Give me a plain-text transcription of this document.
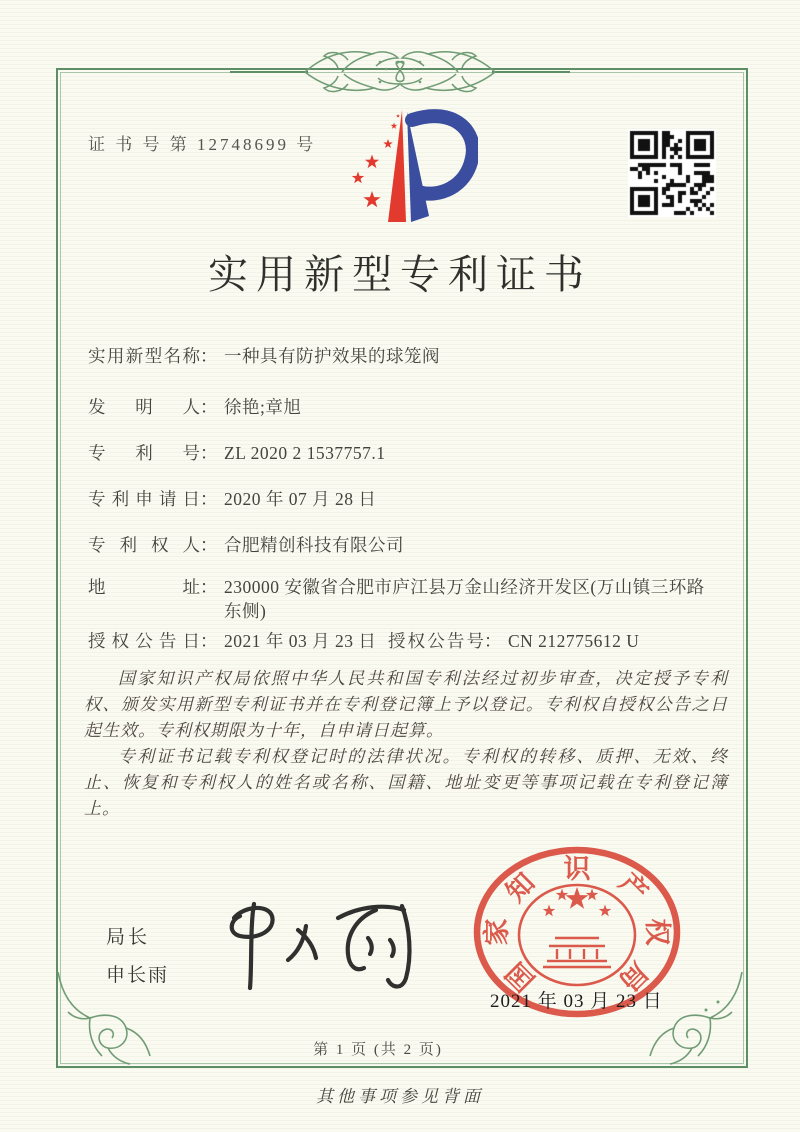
证 书 号 第 12748699 号
实用新型专利证书
实用新型名称 ： 一种具有防护效果的球笼阀
发明人 ： 徐艳;章旭
专利号 ： ZL 2020 2 1537757.1
专利申请日 ： 2020 年 07 月 28 日
专利权人 ： 合肥精创科技有限公司
地址 ： 230000 安徽省合肥市庐江县万金山经济开发区(万山镇三环路东侧)
授权公告日 ： 2021 年 03 月 23 日 授权公告号 ： CN 212775612 U

国家知识产权局依照中华人民共和国专利法经过初步审查，决定授予专利权、颁发实用新型专利证书并在专利登记簿上予以登记。专利权自授权公告之日起生效。专利权期限为十年，自申请日起算。

专利证书记载专利权登记时的法律状况。专利权的转移、质押、无效、终止、恢复和专利权人的姓名或名称、国籍、地址变更等事项记载在专利登记簿上。

局长
申长雨	国
家
知 识 产
权
局
2021 年 03 月 23 日
第 1 页 (共 2 页)
其他事项参见背面
